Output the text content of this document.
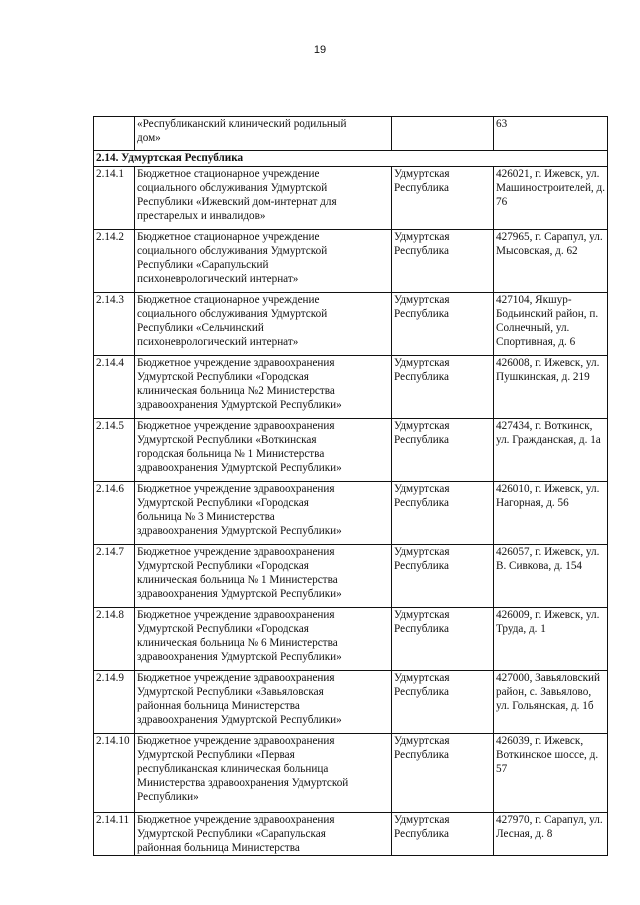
19
	«Республиканский клинический родильный
дом»		63
2.14. Удмуртская Республика			
2.14.1	Бюджетное стационарное учреждение
социального обслуживания Удмуртской
Республики «Ижевский дом-интернат для
престарелых и инвалидов»	Удмуртская Республика	426021, г. Ижевск, ул. Машиностроителей, д. 76
2.14.2	Бюджетное стационарное учреждение
социального обслуживания Удмуртской
Республики «Сарапульский
психоневрологический интернат»	Удмуртская Республика	427965, г. Сарапул, ул. Мысовская, д. 62
2.14.3	Бюджетное стационарное учреждение
социального обслуживания Удмуртской
Республики «Сельчинский
психоневрологический интернат»	Удмуртская Республика	427104, Якшур-Бодьинский район, п. Солнечный, ул. Спортивная, д. 6
2.14.4	Бюджетное учреждение здравоохранения
Удмуртской Республики «Городская
клиническая больница №2 Министерства
здравоохранения Удмуртской Республики»	Удмуртская Республика	426008, г. Ижевск, ул. Пушкинская, д. 219
2.14.5	Бюджетное учреждение здравоохранения
Удмуртской Республики «Воткинская
городская больница № 1 Министерства
здравоохранения Удмуртской Республики»	Удмуртская Республика	427434, г. Воткинск, ул. Гражданская, д. 1а
2.14.6	Бюджетное учреждение здравоохранения
Удмуртской Республики «Городская
больница № 3 Министерства
здравоохранения Удмуртской Республики»	Удмуртская Республика	426010, г. Ижевск, ул. Нагорная, д. 56
2.14.7	Бюджетное учреждение здравоохранения
Удмуртской Республики «Городская
клиническая больница № 1 Министерства
здравоохранения Удмуртской Республики»	Удмуртская Республика	426057, г. Ижевск, ул. В. Сивкова, д. 154
2.14.8	Бюджетное учреждение здравоохранения
Удмуртской Республики «Городская
клиническая больница № 6 Министерства
здравоохранения Удмуртской Республики»	Удмуртская Республика	426009, г. Ижевск, ул. Труда, д. 1
2.14.9	Бюджетное учреждение здравоохранения
Удмуртской Республики «Завьяловская
районная больница Министерства
здравоохранения Удмуртской Республики»	Удмуртская Республика	427000, Завьяловский район, с. Завьялово, ул. Гольянская, д. 1б
2.14.10	Бюджетное учреждение здравоохранения
Удмуртской Республики «Первая
республиканская клиническая больница
Министерства здравоохранения Удмуртской
Республики»	Удмуртская Республика	426039, г. Ижевск, Воткинское шоссе, д. 57
2.14.11	Бюджетное учреждение здравоохранения
Удмуртской Республики «Сарапульская
районная больница Министерства	Удмуртская Республика	427970, г. Сарапул, ул. Лесная, д. 8
